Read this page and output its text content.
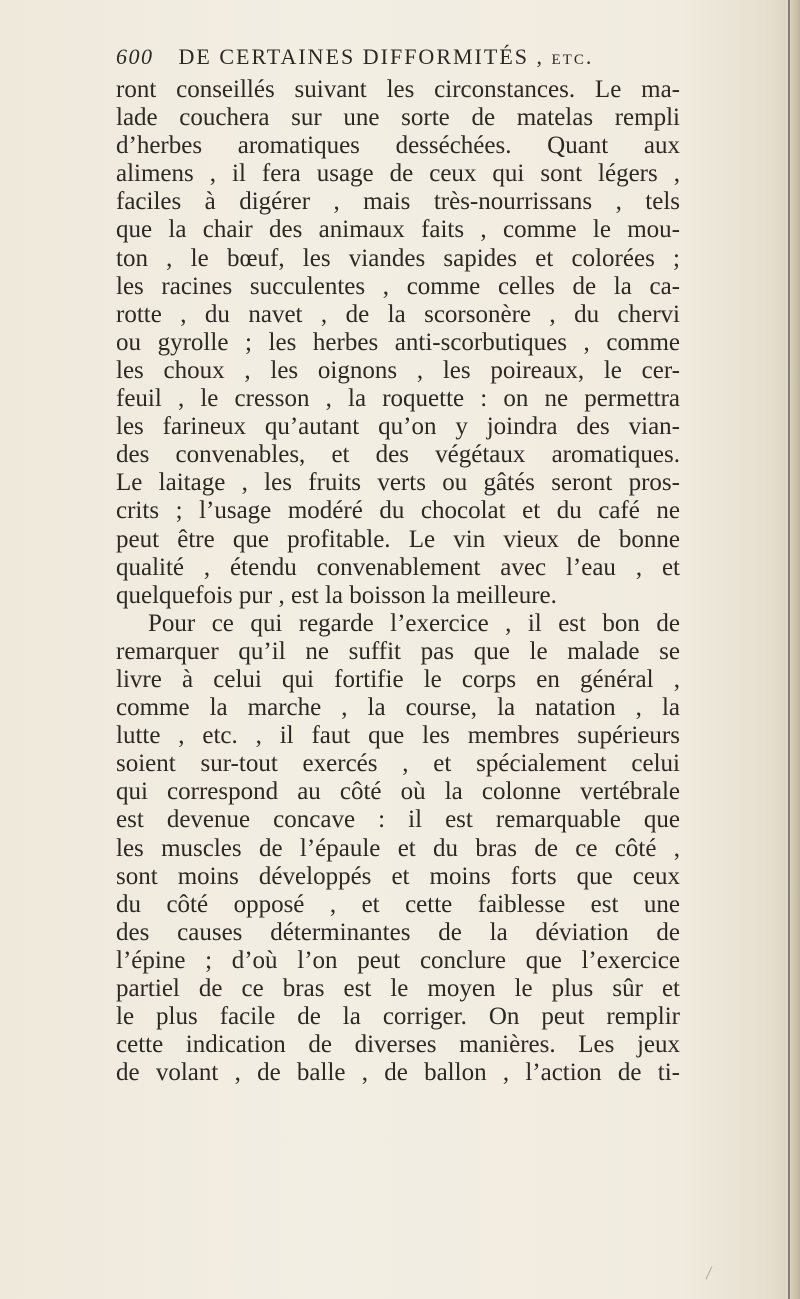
600 DE CERTAINES DIFFORMITÉS , etc.
ront conseillés suivant les circonstances. Le ma-
lade couchera sur une sorte de matelas rempli
d’herbes aromatiques desséchées. Quant aux
alimens , il fera usage de ceux qui sont légers ,
faciles à digérer , mais très-nourrissans , tels
que la chair des animaux faits , comme le mou-
ton , le bœuf, les viandes sapides et colorées ;
les racines succulentes , comme celles de la ca-
rotte , du navet , de la scorsonère , du chervi
ou gyrolle ; les herbes anti-scorbutiques , comme
les choux , les oignons , les poireaux, le cer-
feuil , le cresson , la roquette : on ne permettra
les farineux qu’autant qu’on y joindra des vian-
des convenables, et des végétaux aromatiques.
Le laitage , les fruits verts ou gâtés seront pros-
crits ; l’usage modéré du chocolat et du café ne
peut être que profitable. Le vin vieux de bonne
qualité , étendu convenablement avec l’eau , et
quelquefois pur , est la boisson la meilleure.
Pour ce qui regarde l’exercice , il est bon de
remarquer qu’il ne suffit pas que le malade se
livre à celui qui fortifie le corps en général ,
comme la marche , la course, la natation , la
lutte , etc. , il faut que les membres supérieurs
soient sur-tout exercés , et spécialement celui
qui correspond au côté où la colonne vertébrale
est devenue concave : il est remarquable que
les muscles de l’épaule et du bras de ce côté ,
sont moins développés et moins forts que ceux
du côté opposé , et cette faiblesse est une
des causes déterminantes de la déviation de
l’épine ; d’où l’on peut conclure que l’exercice
partiel de ce bras est le moyen le plus sûr et
le plus facile de la corriger. On peut remplir
cette indication de diverses manières. Les jeux
de volant , de balle , de ballon , l’action de ti-
